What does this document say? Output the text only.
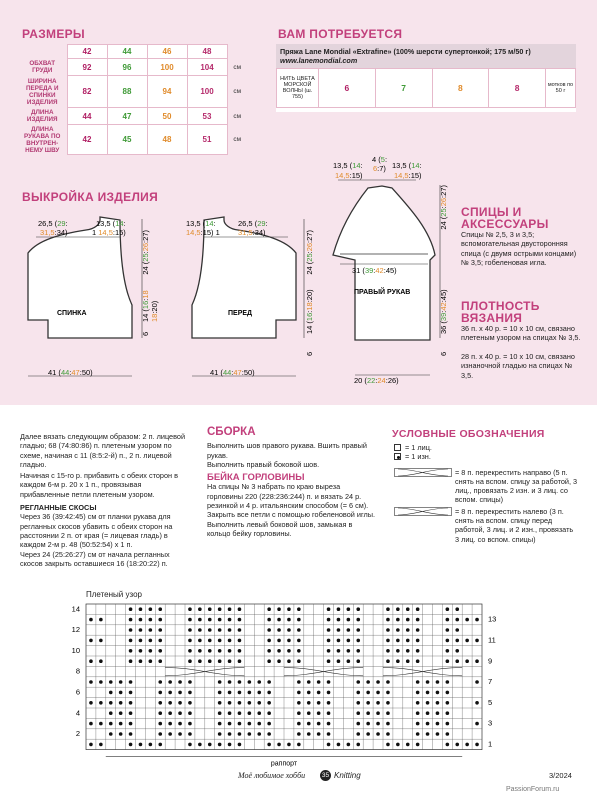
РАЗМЕРЫ
	42	44	46	48	
ОБХВАТ ГРУДИ	92	96	100	104	см
ШИРИНА ПЕРЕДА И СПИНКИ ИЗДЕЛИЯ	82	88	94	100	см
ДЛИНА ИЗДЕЛИЯ	44	47	50	53	см
ДЛИНА РУКАВА ПО ВНУТРЕН-НЕМУ ШВУ	42	45	48	51	см
ВАМ ПОТРЕБУЕТСЯ
Пряжа Lane Mondial «Extrafine» (100% шерсти супертонкой; 175 м/50 г)
www.lanemondial.com
НИТЬ ЦВЕТА МОРСКОЙ ВОЛНЫ (ш. 755)	6	7	8	8	мотков по 50 г
ВЫКРОЙКА ИЗДЕЛИЯ
СПИНКА	ПЕРЕД
ПРАВЫЙ РУКАВ
41 (44:47:50)	41 (44:47:50)
26,5 (29:
31,5:34)
13,5 (14:
1 14,5:15)
13,5 (14:
14,5:15) 1
26,5 (29:
31,5:34)
24 (25:26:27)
14 (16:18
18:20)
6
24 (25:26:27)
14 (16:18:20)
6
13,5 (14:
14,5:15)
4 (5:
6:7) 13,5 (14:
14,5:15)
31 (39:42:45)
20 (22:24:26)
24 (25:26:27)
36 (39:42:45)
6
СПИЦЫ И АКСЕССУАРЫ
Спицы № 2,5, 3 и 3,5; вспомогательная двусторонняя спица (с двумя острыми концами) № 3,5; гобеленовая игла.
ПЛОТНОСТЬ ВЯЗАНИЯ
36 п. х 40 р. = 10 х 10 см, связано плетеным узором на спицах № 3,5.
28 п. х 40 р. = 10 х 10 см, связано изнаночной гладью на спицах № 3,5.
Далее вязать следующим образом: 2 п. лицевой гладью; 68 (74:80:86) п. плетеным узором по схеме, начиная с 11 (8:5:2-й) п., 2 п. лицевой гладью.
Начиная с 15-го р. прибавить с обеих сторон в каждом 6-м р. 20 х 1 п., провязывая прибавленные петли плетеным узором.
РЕГЛАННЫЕ СКОСЫ
Через 36 (39:42:45) см от планки рукава для регланных скосов убавить с обеих сторон на расстоянии 2 п. от края (= лицевая гладь) в каждом 2-м р. 48 (50:52:54) х 1 п.
Через 24 (25:26:27) см от начала регланных скосов закрыть оставшиеся 16 (18:20:22) п.
СБОРКА
Выполнить шов правого рукава. Вшить правый рукав.
Выполнить правый боковой шов.
БЕЙКА ГОРЛОВИНЫ
На спицы № 3 набрать по краю выреза горловины 220 (228:236:244) п. и вязать 24 р. резинкой и 4 р. итальянским способом (= 6 см).
Закрыть все петли с помощью гобеленовой иглы.
Выполнить левый боковой шов, замыкая в кольцо бейку горловины.
УСЛОВНЫЕ ОБОЗНАЧЕНИЯ
= 1 лиц.
= 1 изн.
= 8 п. перекрестить направо (5 п. снять на вспом. спицу за работой, 3 лиц., провязать 2 изн. и 3 лиц. со вспом. спицы)
= 8 п. перекрестить налево (3 п. снять на вспом. спицу перед работой, 3 лиц. и 2 изн., провязать 3 лиц. со вспом. спицы)
Плетеный узор
14
12
10
8
6
4
2
13
11
9
7
5
3
1
раппорт
Моё любимое хобби	35 Knitting	3/2024
PassionForum.ru
